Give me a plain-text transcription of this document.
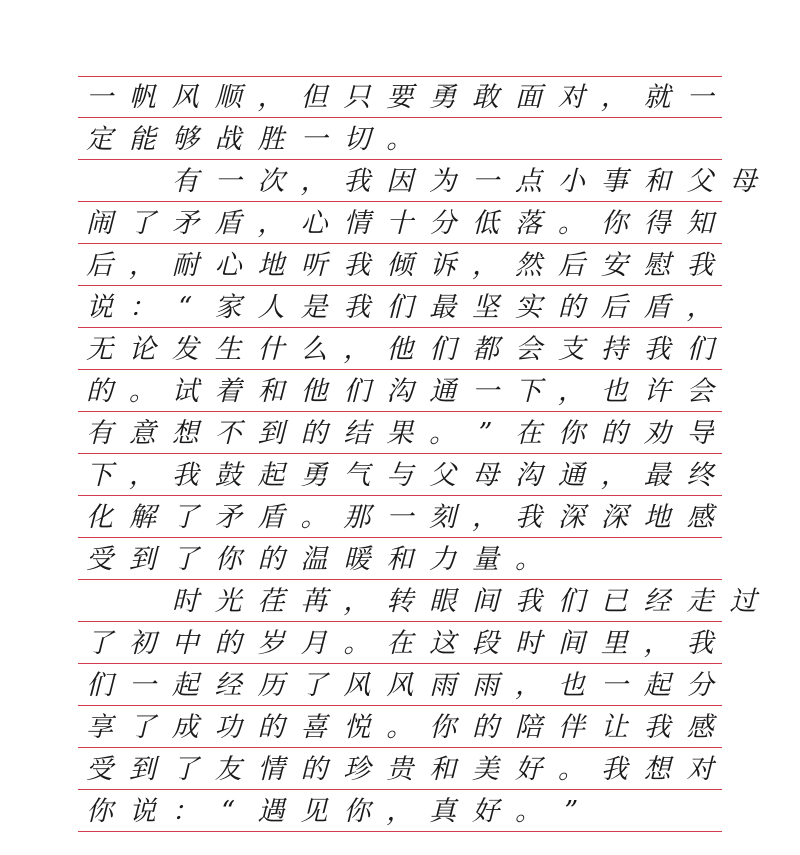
一 帆 风 顺 ， 但 只 要 勇 敢 面 对 ， 就 一
定 能 够 战 胜 一 切 。

有 一 次 ， 我 因 为 一 点 小 事 和 父 母
闹 了 矛 盾 ， 心 情 十 分 低 落 。 你 得 知
后 ， 耐 心 地 听 我 倾 诉 ， 然 后 安 慰 我
说 ： “ 家 人 是 我 们 最 坚 实 的 后 盾 ，
无 论 发 生 什 么 ， 他 们 都 会 支 持 我 们
的 。 试 着 和 他 们 沟 通 一 下 ， 也 许 会
有 意 想 不 到 的 结 果 。 ” 在 你 的 劝 导
下 ， 我 鼓 起 勇 气 与 父 母 沟 通 ， 最 终
化 解 了 矛 盾 。 那 一 刻 ， 我 深 深 地 感
受 到 了 你 的 温 暖 和 力 量 。

时 光 荏 苒 ， 转 眼 间 我 们 已 经 走 过
了 初 中 的 岁 月 。 在 这 段 时 间 里 ， 我
们 一 起 经 历 了 风 风 雨 雨 ， 也 一 起 分
享 了 成 功 的 喜 悦 。 你 的 陪 伴 让 我 感
受 到 了 友 情 的 珍 贵 和 美 好 。 我 想 对
你 说 ： “ 遇 见 你 ， 真 好 。 ”
